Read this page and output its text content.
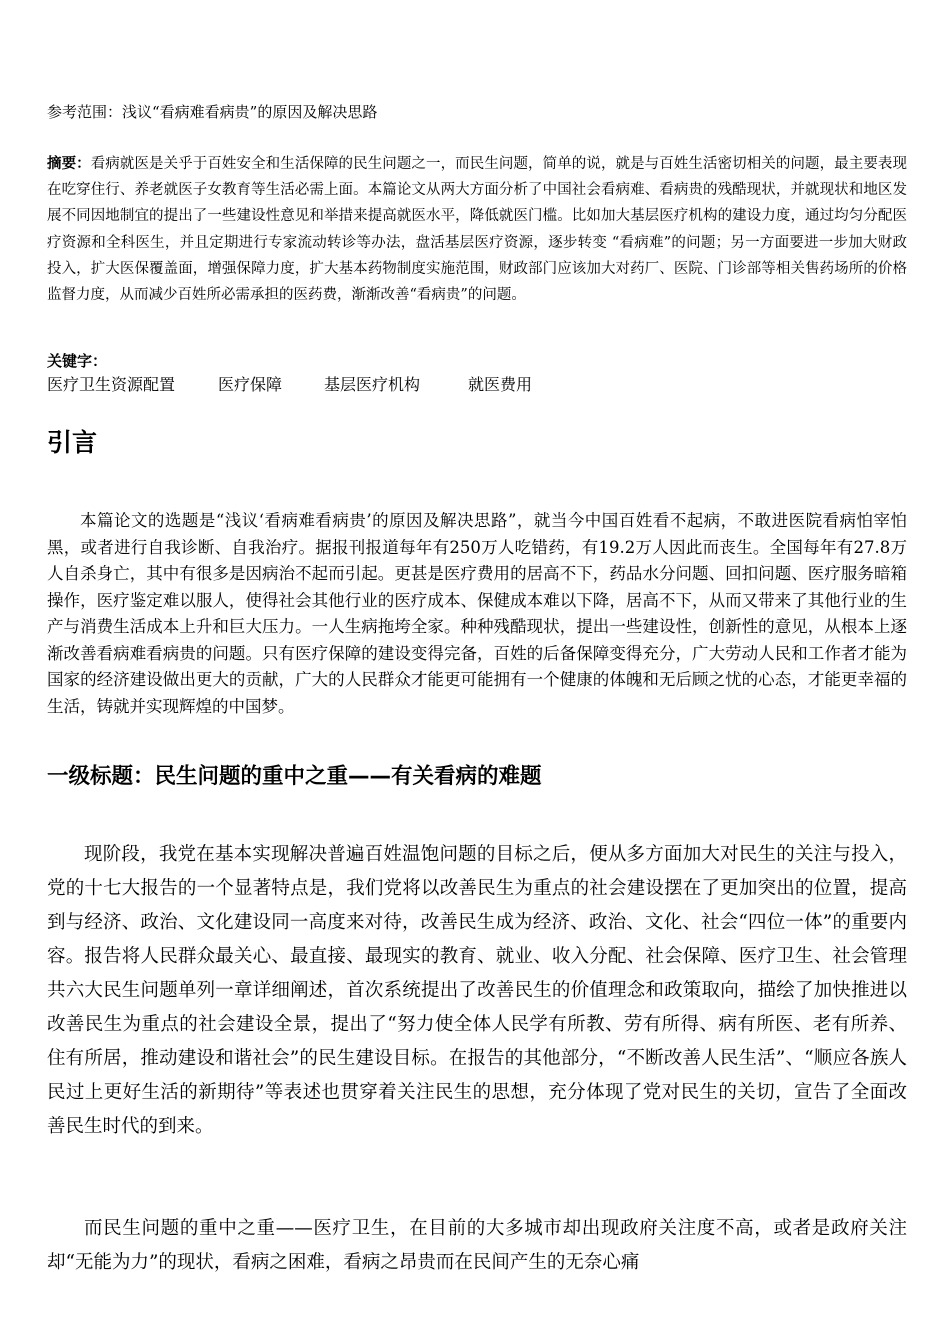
参考范围：浅议“看病难看病贵”的原因及解决思路
摘要：看病就医是关乎于百姓安全和生活保障的民生问题之一，而民生问题，简单的说，就是与百姓生活密切相关的问题，最主要表现在吃穿住行、养老就医子女教育等生活必需上面。本篇论文从两大方面分析了中国社会看病难、看病贵的残酷现状，并就现状和地区发展不同因地制宜的提出了一些建设性意见和举措来提高就医水平，降低就医门槛。比如加大基层医疗机构的建设力度，通过均匀分配医疗资源和全科医生，并且定期进行专家流动转诊等办法，盘活基层医疗资源，逐步转变 “看病难”的问题；另一方面要进一步加大财政投入，扩大医保覆盖面，增强保障力度，扩大基本药物制度实施范围，财政部门应该加大对药厂、医院、门诊部等相关售药场所的价格监督力度，从而减少百姓所必需承担的医药费，渐渐改善“看病贵”的问题。
关键字：
医疗卫生资源配置	医疗保障	基层医疗机构	就医费用
引言
本篇论文的选题是“浅议‘看病难看病贵’的原因及解决思路”，就当今中国百姓看不起病，不敢进医院看病怕宰怕黑，或者进行自我诊断、自我治疗。据报刊报道每年有250万人吃错药，有19.2万人因此而丧生。全国每年有27.8万人自杀身亡，其中有很多是因病治不起而引起。更甚是医疗费用的居高不下，药品水分问题、回扣问题、医疗服务暗箱操作，医疗鉴定难以服人，使得社会其他行业的医疗成本、保健成本难以下降，居高不下，从而又带来了其他行业的生产与消费生活成本上升和巨大压力。一人生病拖垮全家。种种残酷现状，提出一些建设性，创新性的意见，从根本上逐渐改善看病难看病贵的问题。只有医疗保障的建设变得完备，百姓的后备保障变得充分，广大劳动人民和工作者才能为国家的经济建设做出更大的贡献，广大的人民群众才能更可能拥有一个健康的体魄和无后顾之忧的心态，才能更幸福的生活，铸就并实现辉煌的中国梦。
一级标题：民生问题的重中之重——有关看病的难题
现阶段，我党在基本实现解决普遍百姓温饱问题的目标之后，便从多方面加大对民生的关注与投入，党的十七大报告的一个显著特点是，我们党将以改善民生为重点的社会建设摆在了更加突出的位置，提高到与经济、政治、文化建设同一高度来对待，改善民生成为经济、政治、文化、社会“四位一体”的重要内容。报告将人民群众最关心、最直接、最现实的教育、就业、收入分配、社会保障、医疗卫生、社会管理共六大民生问题单列一章详细阐述，首次系统提出了改善民生的价值理念和政策取向，描绘了加快推进以改善民生为重点的社会建设全景，提出了“努力使全体人民学有所教、劳有所得、病有所医、老有所养、住有所居，推动建设和谐社会”的民生建设目标。在报告的其他部分，“不断改善人民生活”、“顺应各族人民过上更好生活的新期待”等表述也贯穿着关注民生的思想，充分体现了党对民生的关切，宣告了全面改善民生时代的到来。
而民生问题的重中之重——医疗卫生，在目前的大多城市却出现政府关注度不高，或者是政府关注却“无能为力”的现状，看病之困难，看病之昂贵而在民间产生的无奈心痛
